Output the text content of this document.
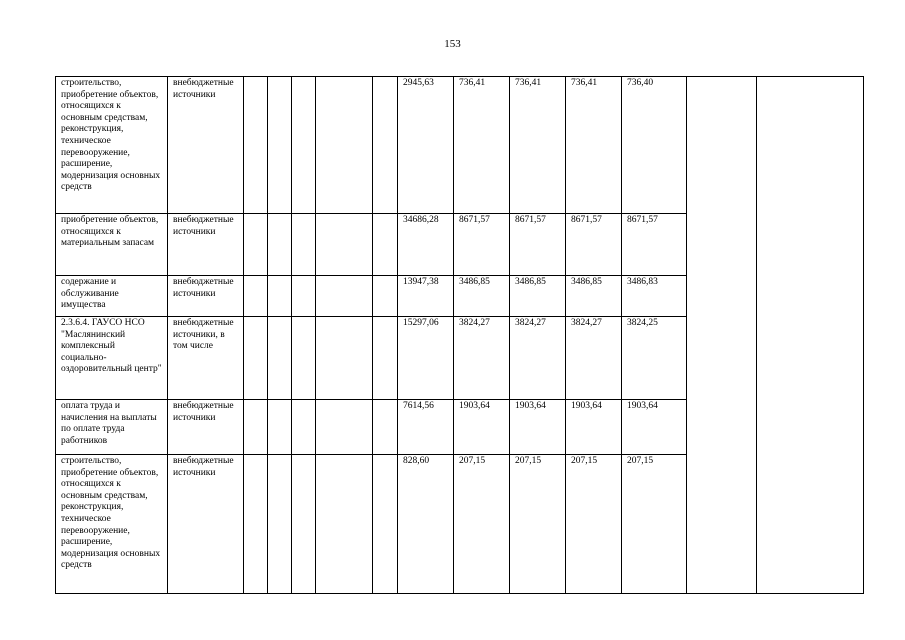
153
строительство, приобретение объектов, относящихся к основным средствам, реконструкция, техническое перевооружение, расширение, модернизация основных средств	внебюджетные источники						2945,63	736,41	736,41	736,41	736,40		
приобретение объектов, относящихся к материальным запасам	внебюджетные источники						34686,28	8671,57	8671,57	8671,57	8671,57		
содержание и обслуживание имущества	внебюджетные источники						13947,38	3486,85	3486,85	3486,85	3486,83		
2.3.6.4. ГАУСО НСО "Маслянинский комплексный социально-оздоровительный центр"	внебюджетные источники, в том числе						15297,06	3824,27	3824,27	3824,27	3824,25		
оплата труда и начисления на выплаты по оплате труда работников	внебюджетные источники						7614,56	1903,64	1903,64	1903,64	1903,64		
строительство, приобретение объектов, относящихся к основным средствам, реконструкция, техническое перевооружение, расширение, модернизация основных средств	внебюджетные источники						828,60	207,15	207,15	207,15	207,15		
